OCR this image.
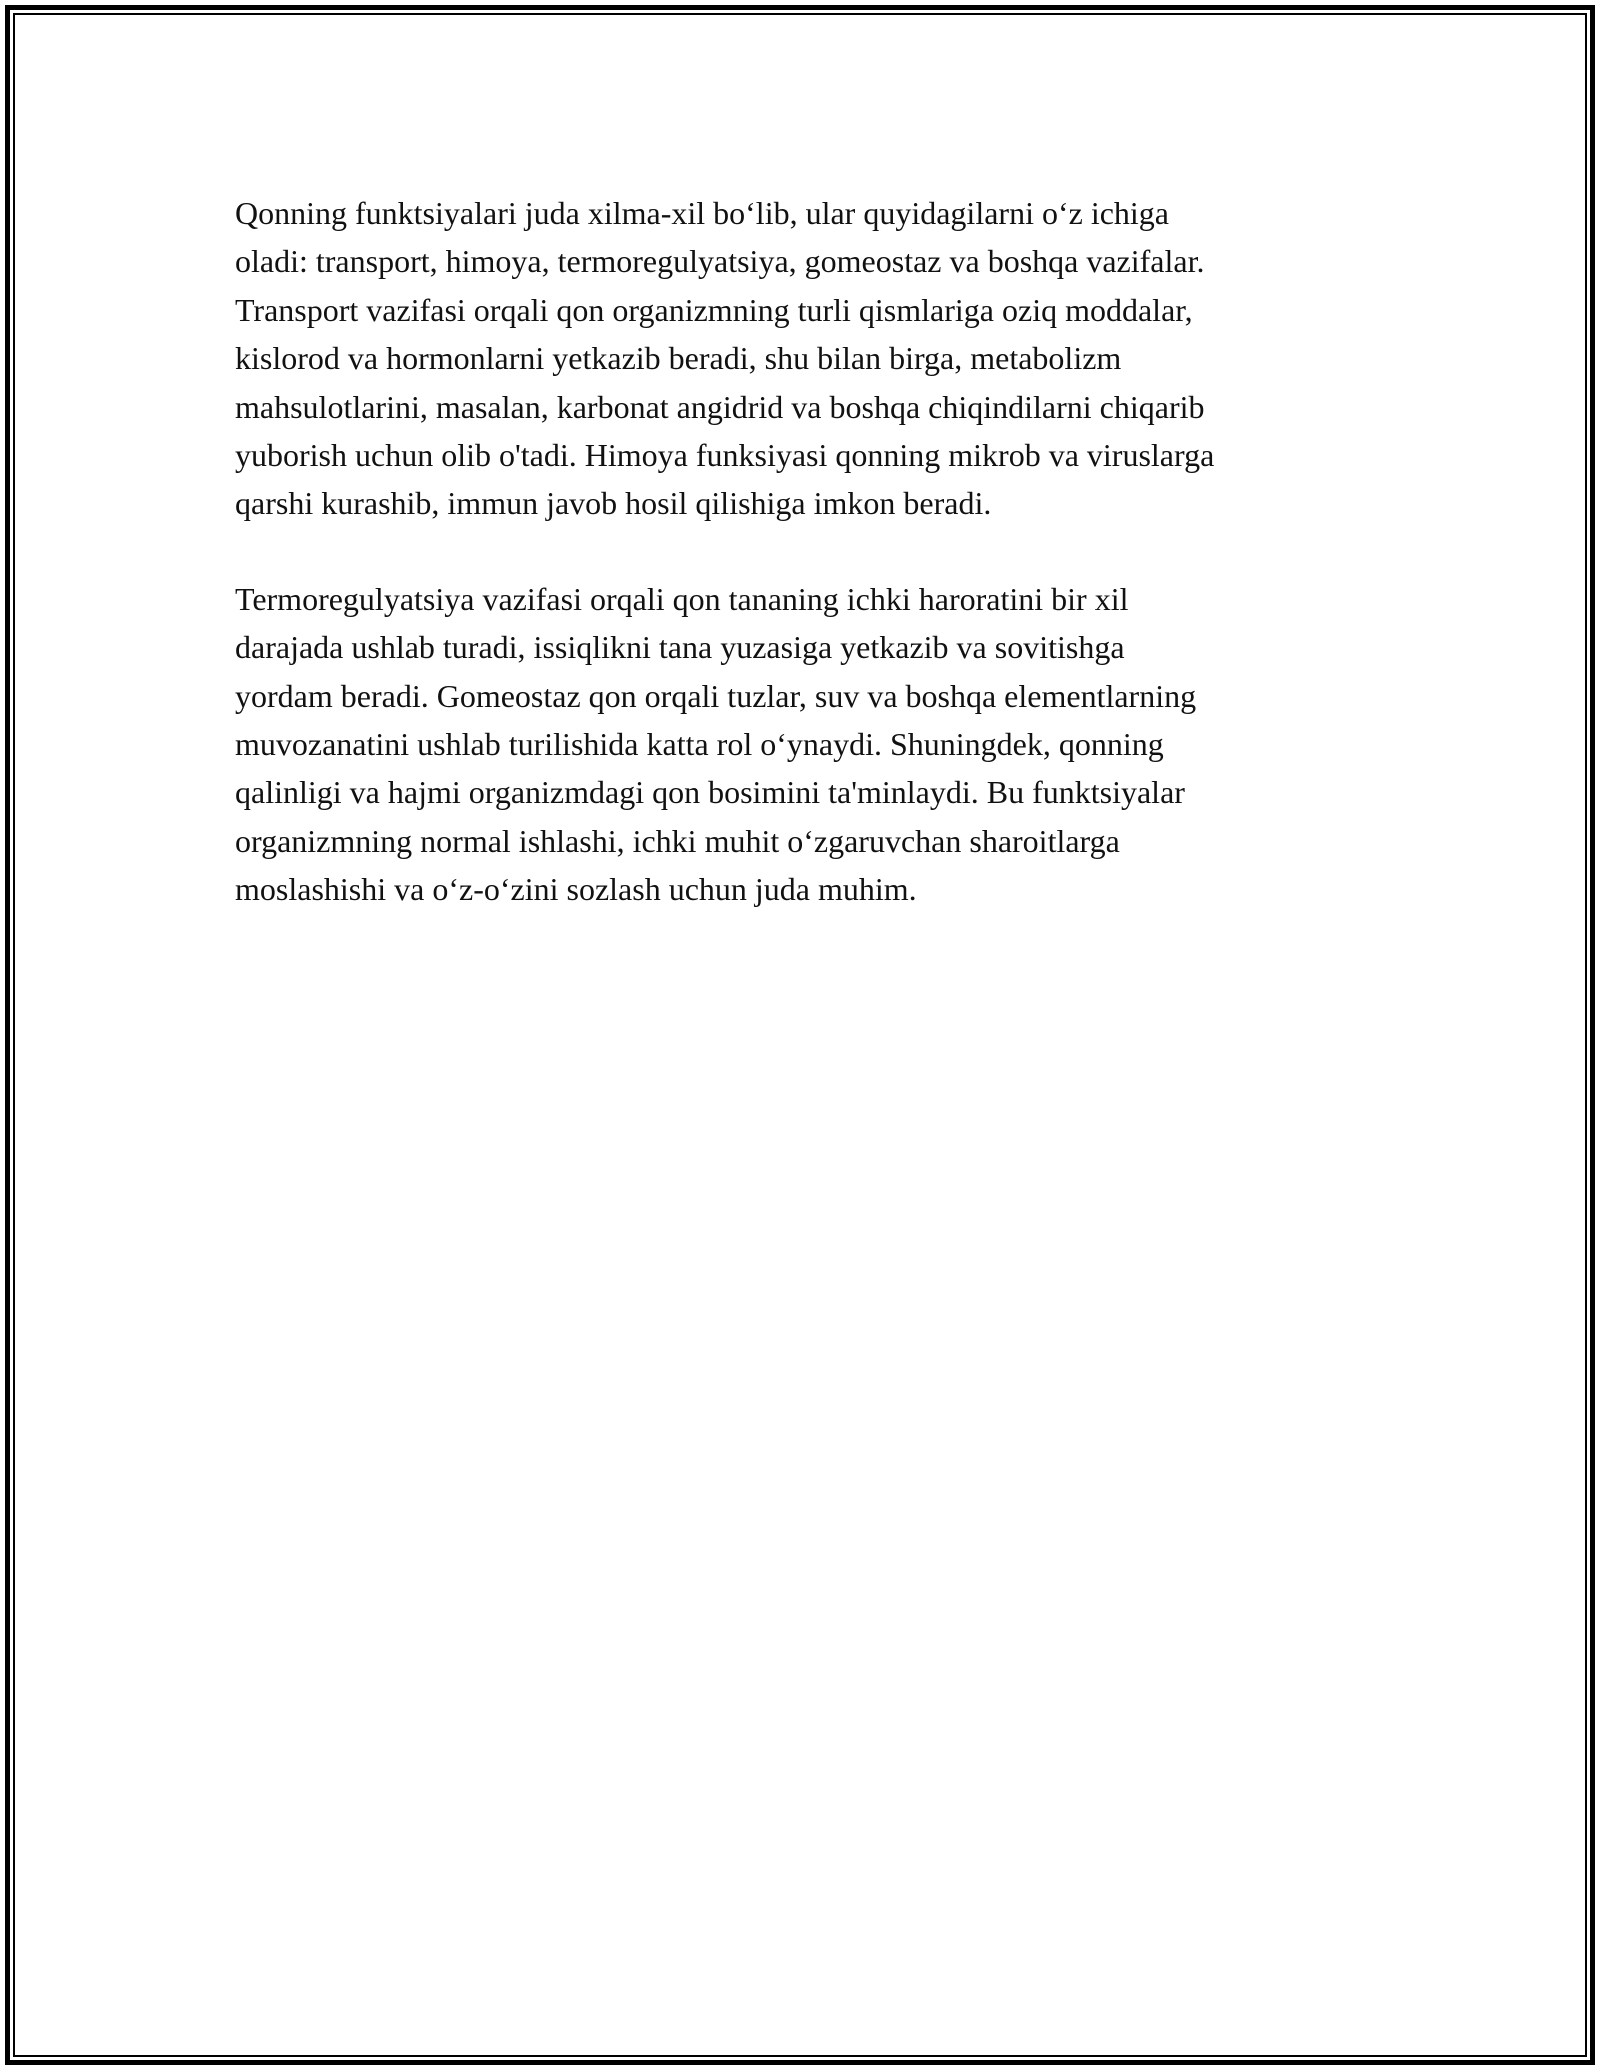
Qonning funktsiyalari juda xilma-xil boʻlib, ular quyidagilarni oʻz ichiga
oladi: transport, himoya, termoregulyatsiya, gomeostaz va boshqa vazifalar.
Transport vazifasi orqali qon organizmning turli qismlariga oziq moddalar,
kislorod va hormonlarni yetkazib beradi, shu bilan birga, metabolizm
mahsulotlarini, masalan, karbonat angidrid va boshqa chiqindilarni chiqarib
yuborish uchun olib o'tadi. Himoya funksiyasi qonning mikrob va viruslarga
qarshi kurashib, immun javob hosil qilishiga imkon beradi.

Termoregulyatsiya vazifasi orqali qon tananing ichki haroratini bir xil
darajada ushlab turadi, issiqlikni tana yuzasiga yetkazib va sovitishga
yordam beradi. Gomeostaz qon orqali tuzlar, suv va boshqa elementlarning
muvozanatini ushlab turilishida katta rol oʻynaydi. Shuningdek, qonning
qalinligi va hajmi organizmdagi qon bosimini ta'minlaydi. Bu funktsiyalar
organizmning normal ishlashi, ichki muhit oʻzgaruvchan sharoitlarga
moslashishi va oʻz-oʻzini sozlash uchun juda muhim.
